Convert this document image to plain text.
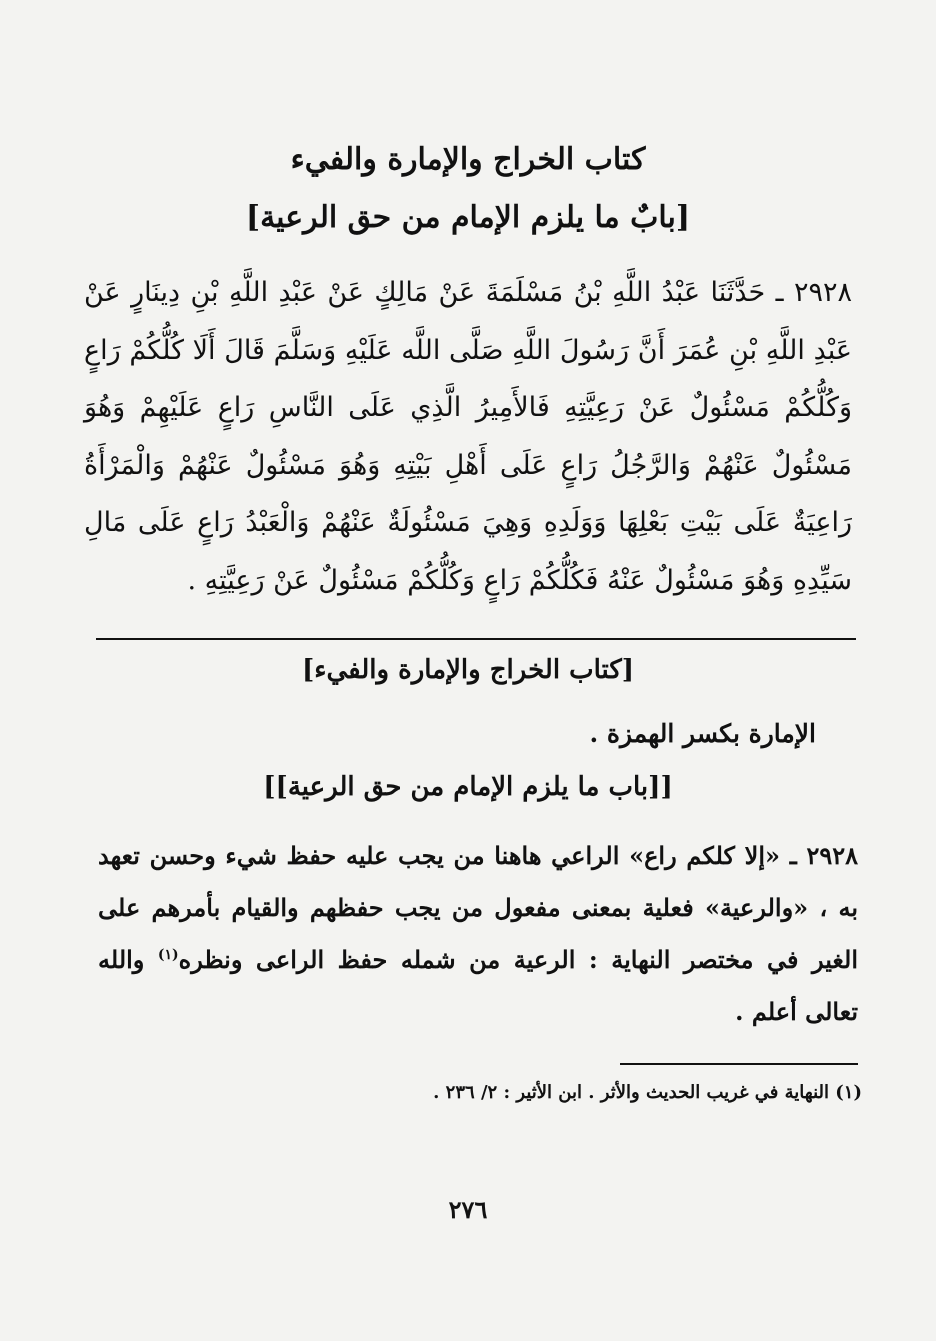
كتاب الخراج والإمارة والفيء
[بابٌ ما يلزم الإمام من حق الرعية]
٢٩٢٨ ـ حَدَّثَنَا عَبْدُ اللَّهِ بْنُ مَسْلَمَةَ عَنْ مَالِكٍ عَنْ عَبْدِ اللَّهِ بْنِ دِينَارٍ عَنْ عَبْدِ اللَّهِ بْنِ عُمَرَ أَنَّ رَسُولَ اللَّهِ صَلَّى اللَّه عَلَيْهِ وَسَلَّمَ قَالَ أَلَا كُلُّكُمْ رَاعٍ وَكُلُّكُمْ مَسْئُولٌ عَنْ رَعِيَّتِهِ فَالأَمِيرُ الَّذِي عَلَى النَّاسِ رَاعٍ عَلَيْهِمْ وَهُوَ مَسْئُولٌ عَنْهُمْ وَالرَّجُلُ رَاعٍ عَلَى أَهْلِ بَيْتِهِ وَهُوَ مَسْئُولٌ عَنْهُمْ وَالْمَرْأَةُ رَاعِيَةٌ عَلَى بَيْتِ بَعْلِهَا وَوَلَدِهِ وَهِيَ مَسْئُولَةٌ عَنْهُمْ وَالْعَبْدُ رَاعٍ عَلَى مَالِ سَيِّدِهِ وَهُوَ مَسْئُولٌ عَنْهُ فَكُلُّكُمْ رَاعٍ وَكُلُّكُمْ مَسْئُولٌ عَنْ رَعِيَّتِهِ .
[كتاب الخراج والإمارة والفيء]
الإمارة بكسر الهمزة .
[[باب ما يلزم الإمام من حق الرعية]]
٢٩٢٨ ـ «إلا كلكم راع» الراعي هاهنا من يجب عليه حفظ شيء وحسن تعهد به ، «والرعية» فعلية بمعنى مفعول من يجب حفظهم والقيام بأمرهم على الغير في مختصر النهاية : الرعية من شمله حفظ الراعى ونظره$^{(١)}$ والله تعالى أعلم .
(١) النهاية في غريب الحديث والأثر . ابن الأثير : ٢/ ٢٣٦ .
٢٧٦
